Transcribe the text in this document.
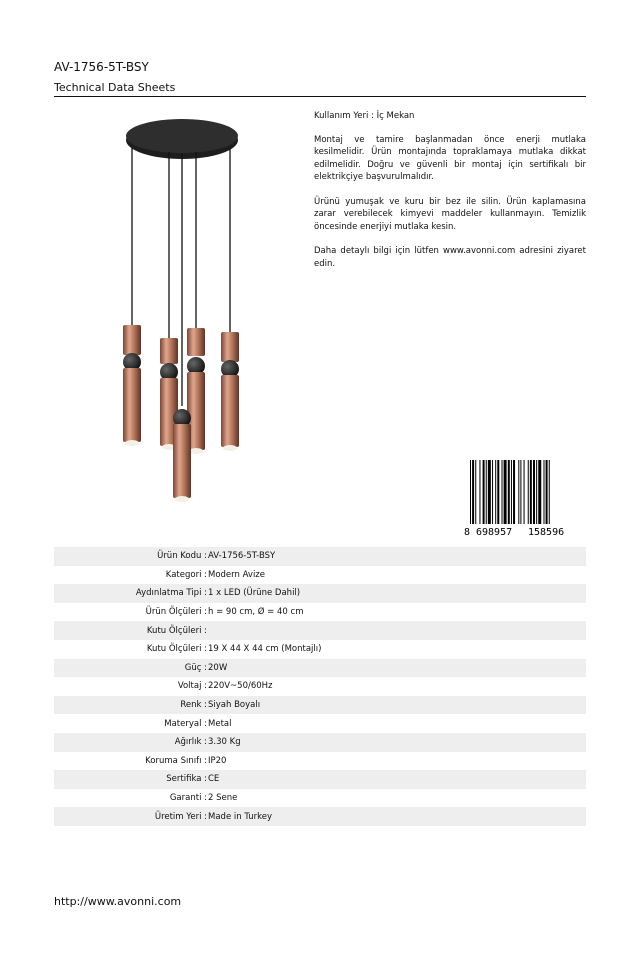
AV-1756-5T-BSY
Technical Data Sheets

Kullanım Yeri : İç Mekan

Montaj ve tamire başlanmadan önce enerji mutlaka kesilmelidir. Ürün montajında topraklamaya mutlaka dikkat edilmelidir. Doğru ve güvenli bir montaj için sertifikalı bir elektrikçiye başvurulmalıdır.

Ürünü yumuşak ve kuru bir bez ile silin. Ürün kaplamasına zarar verebilecek kimyevi maddeler kullanmayın. Temizlik öncesinde enerjiyi mutlaka kesin.

Daha detaylı bilgi için lütfen www.avonni.com adresini ziyaret edin.

8 698957 158596
Ürün Kodu : AV-1756-5T-BSY
Kategori : Modern Avize
Aydınlatma Tipi : 1 x LED (Ürüne Dahil)
Ürün Ölçüleri : h = 90 cm, Ø = 40 cm
Kutu Ölçüleri :
Kutu Ölçüleri : 19 X 44 X 44 cm (Montajlı)
Güç : 20W
Voltaj : 220V~50/60Hz
Renk : Siyah Boyalı
Materyal : Metal
Ağırlık : 3.30 Kg
Koruma Sınıfı : IP20
Sertifika : CE
Garanti : 2 Sene
Üretim Yeri : Made in Turkey
http://www.avonni.com
